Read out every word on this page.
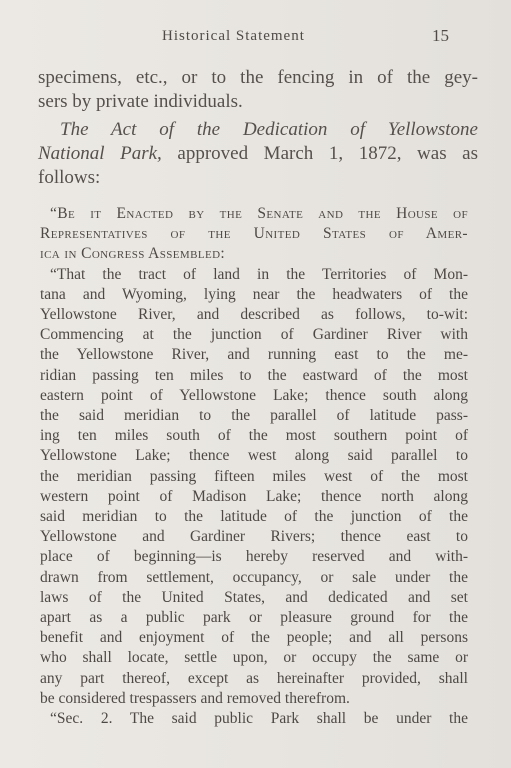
Historical Statement	15

specimens, etc., or to the fencing in of the gey-
sers by private individuals.

The Act of the Dedication of Yellowstone
National Park, approved March 1, 1872, was as
follows:

“Be it Enacted by the Senate and the House of
Representatives of the United States of Amer-
ica in Congress Assembled:
“That the tract of land in the Territories of Mon-
tana and Wyoming, lying near the headwaters of the
Yellowstone River, and described as follows, to-wit:
Commencing at the junction of Gardiner River with
the Yellowstone River, and running east to the me-
ridian passing ten miles to the eastward of the most
eastern point of Yellowstone Lake; thence south along
the said meridian to the parallel of latitude pass-
ing ten miles south of the most southern point of
Yellowstone Lake; thence west along said parallel to
the meridian passing fifteen miles west of the most
western point of Madison Lake; thence north along
said meridian to the latitude of the junction of the
Yellowstone and Gardiner Rivers; thence east to
place of beginning—is hereby reserved and with-
drawn from settlement, occupancy, or sale under the
laws of the United States, and dedicated and set
apart as a public park or pleasure ground for the
benefit and enjoyment of the people; and all persons
who shall locate, settle upon, or occupy the same or
any part thereof, except as hereinafter provided, shall
be considered trespassers and removed therefrom.
“Sec. 2. The said public Park shall be under the
